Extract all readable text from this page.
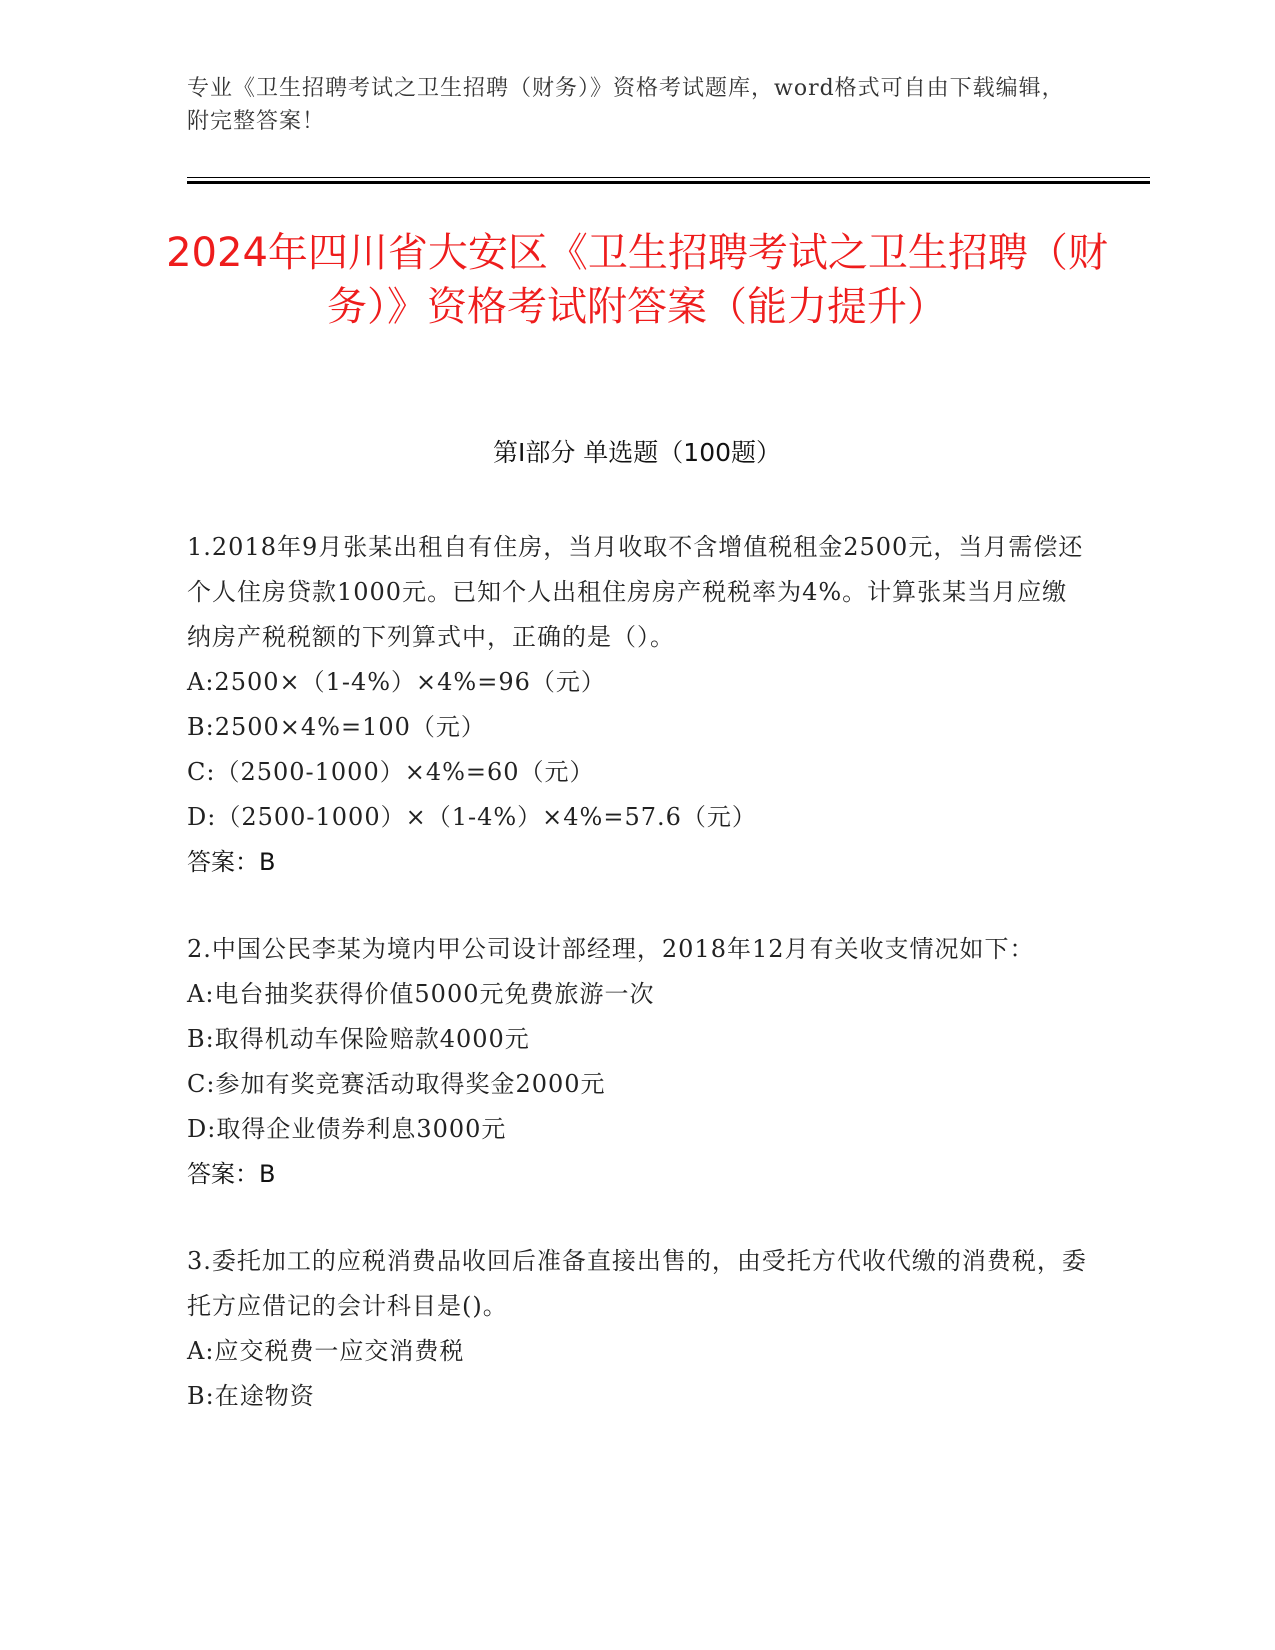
专业《卫生招聘考试之卫生招聘（财务）》资格考试题库，word格式可自由下载编辑，附完整答案！
2024年四川省大安区《卫生招聘考试之卫生招聘（财务）》资格考试附答案（能力提升）
第I部分 单选题（100题）
1.2018年9月张某出租自有住房，当月收取不含增值税租金2500元，当月需偿还个人住房贷款1000元。已知个人出租住房房产税税率为4%。计算张某当月应缴纳房产税税额的下列算式中，正确的是（）。
A:2500×（1-4%）×4%=96（元）
B:2500×4%=100（元）
C:（2500-1000）×4%=60（元）
D:（2500-1000）×（1-4%）×4%=57.6（元）
答案：B
2.中国公民李某为境内甲公司设计部经理，2018年12月有关收支情况如下：
A:电台抽奖获得价值5000元免费旅游一次
B:取得机动车保险赔款4000元
C:参加有奖竞赛活动取得奖金2000元
D:取得企业债券利息3000元
答案：B
3.委托加工的应税消费品收回后准备直接出售的，由受托方代收代缴的消费税，委托方应借记的会计科目是()。
A:应交税费一应交消费税
B:在途物资
